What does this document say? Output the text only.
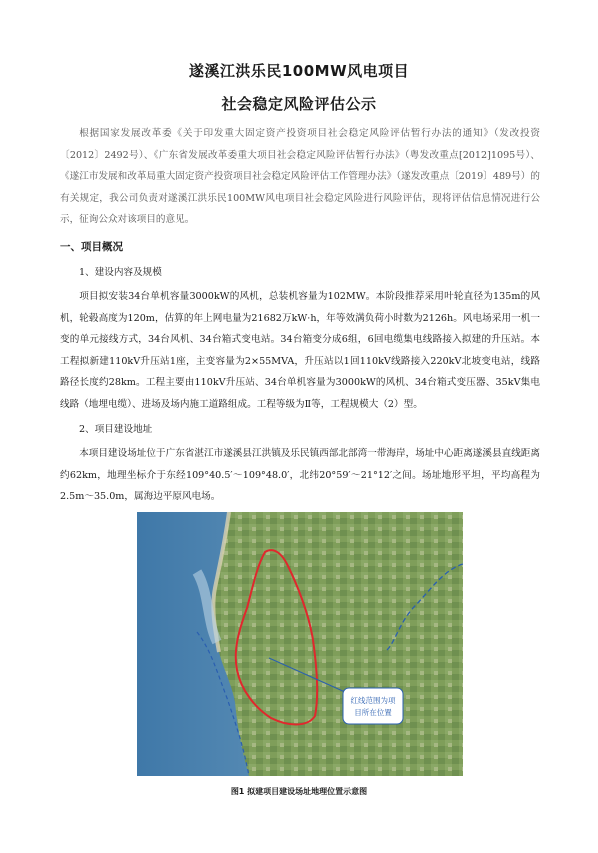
遂溪江洪乐民100MW风电项目
社会稳定风险评估公示

根据国家发展改革委《关于印发重大固定资产投资项目社会稳定风险评估暂行办法的通知》（发改投资〔2012〕2492号）、《广东省发展改革委重大项目社会稳定风险评估暂行办法》（粤发改重点[2012]1095号）、《遂江市发展和改革局重大固定资产投资项目社会稳定风险评估工作管理办法》（遂发改重点〔2019〕489号）的有关规定，我公司负责对遂溪江洪乐民100MW风电项目社会稳定风险进行风险评估，现将评估信息情况进行公示，征询公众对该项目的意见。

一、项目概况
1、建设内容及规模

项目拟安装34台单机容量3000kW的风机，总装机容量为102MW。本阶段推荐采用叶轮直径为135m的风机，轮毂高度为120m，估算的年上网电量为21682万kW·h，年等效满负荷小时数为2126h。风电场采用一机一变的单元接线方式，34台风机、34台箱式变电站。34台箱变分成6组，6回电缆集电线路接入拟建的升压站。本工程拟新建110kV升压站1座，主变容量为2×55MVA，升压站以1回110kV线路接入220kV北坡变电站，线路路径长度约28km。工程主要由110kV升压站、34台单机容量为3000kW的风机、34台箱式变压器、35kV集电线路（地埋电缆）、进场及场内施工道路组成。工程等级为Ⅱ等，工程规模大（2）型。

2、项目建设地址

本项目建设场址位于广东省湛江市遂溪县江洪镇及乐民镇西部北部湾一带海岸，场址中心距离遂溪县直线距离约62km，地理坐标介于东经109°40.5′～109°48.0′，北纬20°59′～21°12′之间。场址地形平坦，平均高程为2.5m～35.0m，属海边平原风电场。

红线范围为项
目所在位置
图1 拟建项目建设场址地理位置示意图
